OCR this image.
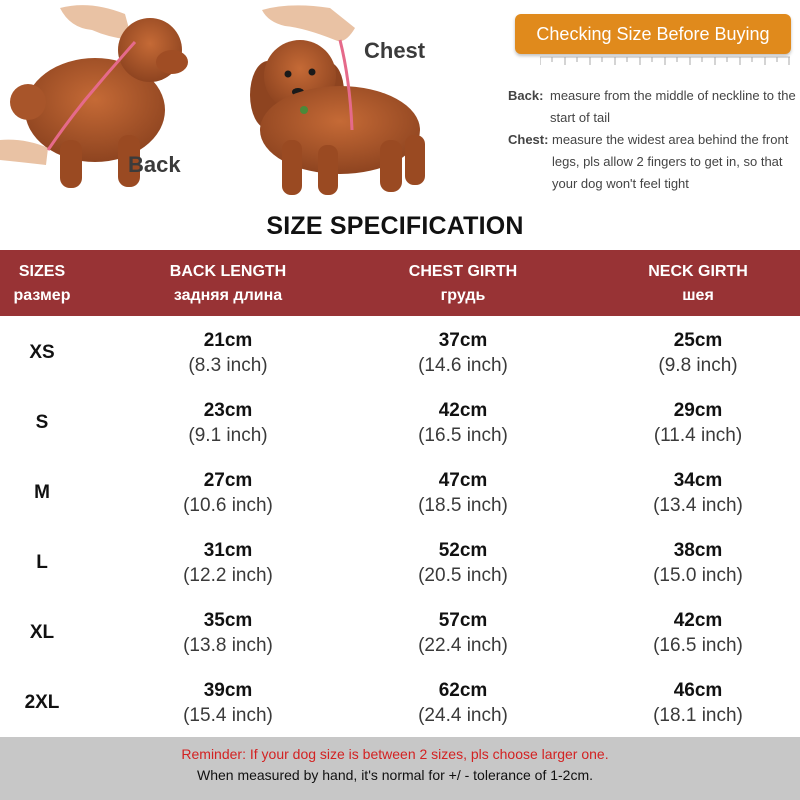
Back
Chest
Checking Size Before Buying
Back: measure from the middle of neckline to the start of tail
Chest: measure the widest area behind the front legs, pls allow 2 fingers to get in, so that your dog won't feel tight
SIZE SPECIFICATION
SIZES
размер
BACK LENGTH
задняя длина
CHEST GIRTH
грудь
NECK GIRTH
шея
XS
21cm
(8.3 inch)
37cm
(14.6 inch)
25cm
(9.8 inch)
S
23cm
(9.1 inch)
42cm
(16.5 inch)
29cm
(11.4 inch)
M
27cm
(10.6 inch)
47cm
(18.5 inch)
34cm
(13.4 inch)
L
31cm
(12.2 inch)
52cm
(20.5 inch)
38cm
(15.0 inch)
XL
35cm
(13.8 inch)
57cm
(22.4 inch)
42cm
(16.5 inch)
2XL
39cm
(15.4 inch)
62cm
(24.4 inch)
46cm
(18.1 inch)
Reminder: If your dog size is between 2 sizes, pls choose larger one.
When measured by hand, it's normal for +/ - tolerance of 1-2cm.
